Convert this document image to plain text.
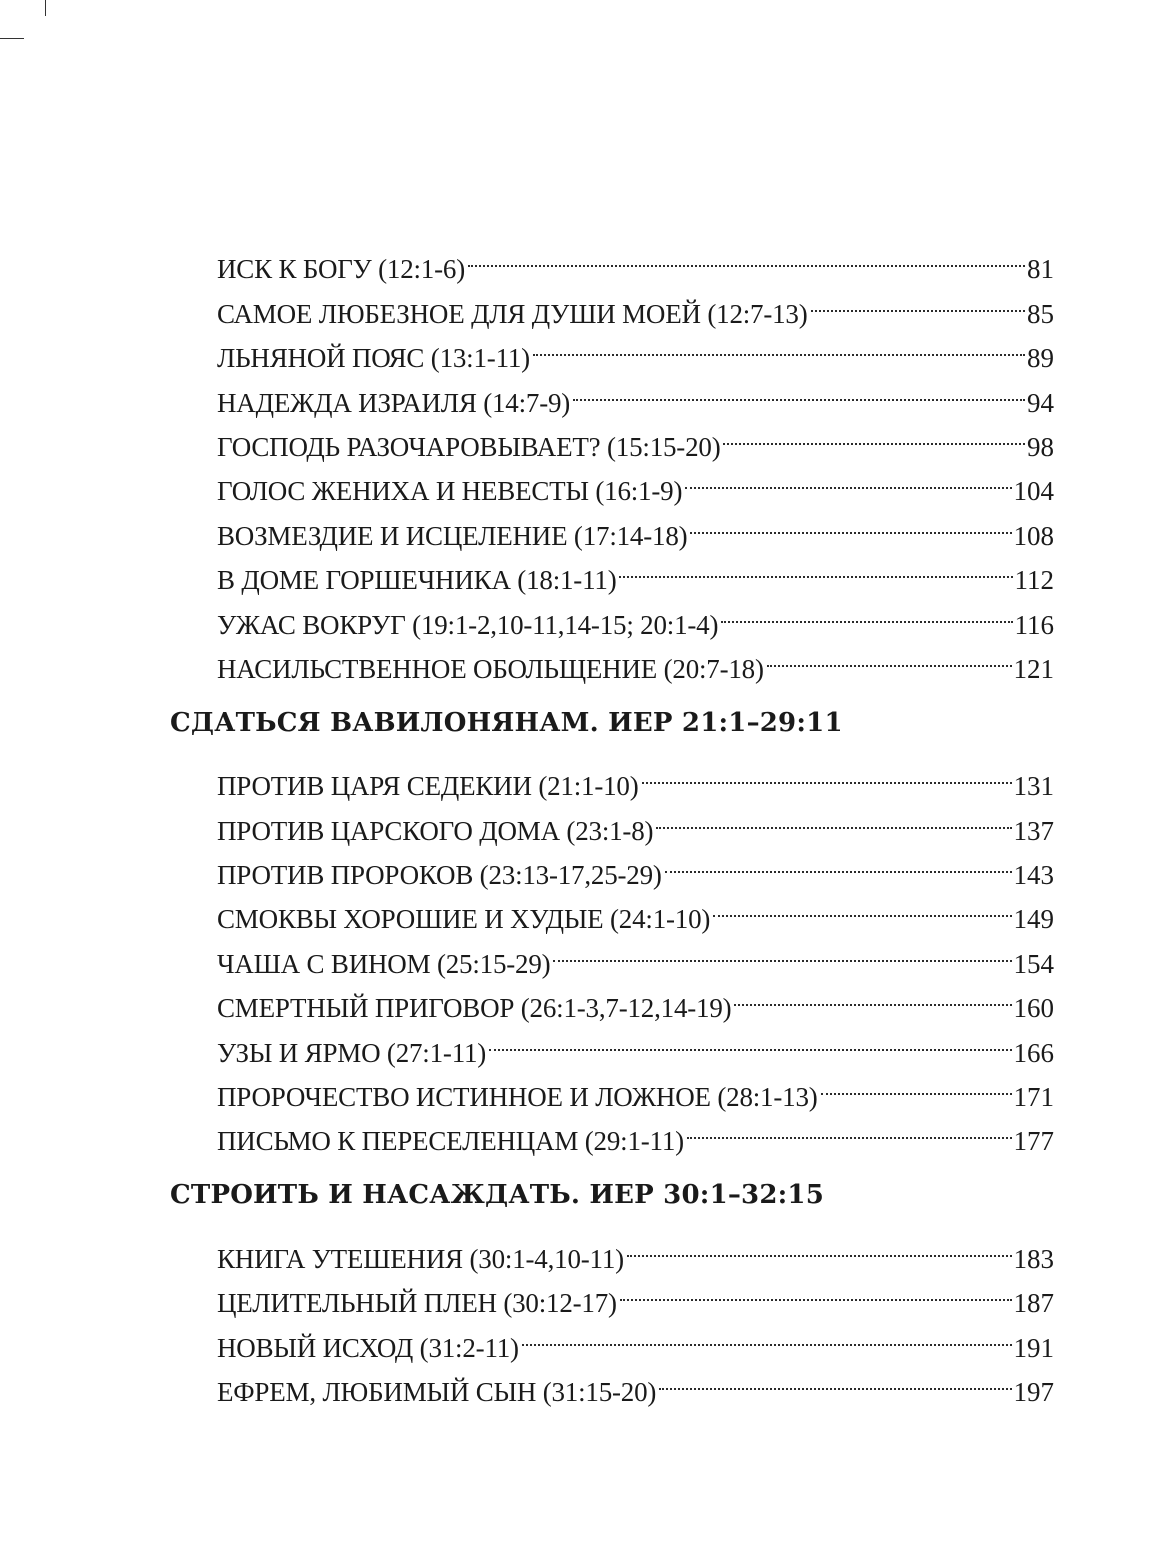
ИСК К БОГУ (12:1-6)	81
САМОЕ ЛЮБЕЗНОЕ ДЛЯ ДУШИ МОЕЙ (12:7-13)	85
ЛЬНЯНОЙ ПОЯС (13:1-11)	89
НАДЕЖДА ИЗРАИЛЯ (14:7-9)	94
ГОСПОДЬ РАЗОЧАРОВЫВАЕТ? (15:15-20)	98
ГОЛОС ЖЕНИХА И НЕВЕСТЫ (16:1-9)	104
ВОЗМЕЗДИЕ И ИСЦЕЛЕНИЕ (17:14-18)	108
В ДОМЕ ГОРШЕЧНИКА (18:1-11)	112
УЖАС ВОКРУГ (19:1-2,10-11,14-15; 20:1-4)	116
НАСИЛЬСТВЕННОЕ ОБОЛЬЩЕНИЕ (20:7-18)	121
СДАТЬСЯ ВАВИЛОНЯНАМ. ИЕР 21:1–29:11
ПРОТИВ ЦАРЯ СЕДЕКИИ (21:1-10)	131
ПРОТИВ ЦАРСКОГО ДОМА (23:1-8)	137
ПРОТИВ ПРОРОКОВ (23:13-17,25-29)	143
СМОКВЫ ХОРОШИЕ И ХУДЫЕ (24:1-10)	149
ЧАША С ВИНОМ (25:15-29)	154
СМЕРТНЫЙ ПРИГОВОР (26:1-3,7-12,14-19)	160
УЗЫ И ЯРМО (27:1-11)	166
ПРОРОЧЕСТВО ИСТИННОЕ И ЛОЖНОЕ (28:1-13)	171
ПИСЬМО К ПЕРЕСЕЛЕНЦАМ (29:1-11)	177
СТРОИТЬ И НАСАЖДАТЬ. ИЕР 30:1–32:15
КНИГА УТЕШЕНИЯ (30:1-4,10-11)	183
ЦЕЛИТЕЛЬНЫЙ ПЛЕН (30:12-17)	187
НОВЫЙ ИСХОД (31:2-11)	191
ЕФРЕМ, ЛЮБИМЫЙ СЫН (31:15-20)	197
